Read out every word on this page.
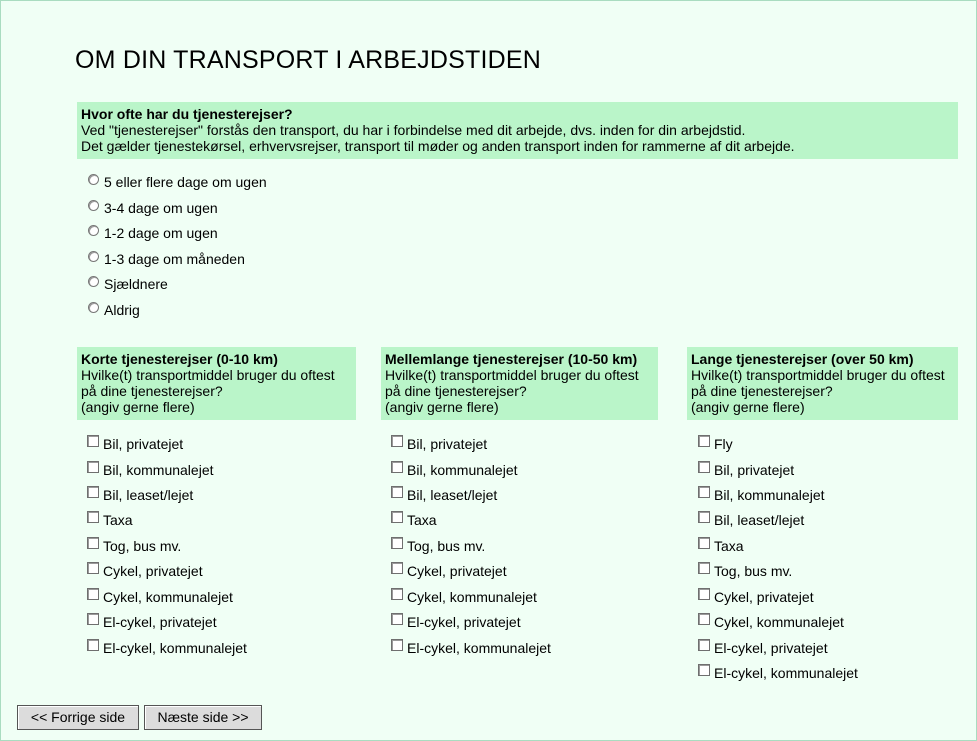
OM DIN TRANSPORT I ARBEJDSTIDEN
Hvor ofte har du tjenesterejser?
Ved "tjenesterejser" forstås den transport, du har i forbindelse med dit arbejde, dvs. inden for din arbejdstid.
Det gælder tjenestekørsel, erhvervsrejser, transport til møder og anden transport inden for rammerne af dit arbejde.
5 eller flere dage om ugen
3-4 dage om ugen
1-2 dage om ugen
1-3 dage om måneden
Sjældnere
Aldrig
Korte tjenesterejser (0-10 km)
Hvilke(t) transportmiddel bruger du oftest
på dine tjenesterejser?
(angiv gerne flere)
Mellemlange tjenesterejser (10-50 km)
Hvilke(t) transportmiddel bruger du oftest
på dine tjenesterejser?
(angiv gerne flere)
Lange tjenesterejser (over 50 km)
Hvilke(t) transportmiddel bruger du oftest
på dine tjenesterejser?
(angiv gerne flere)
Bil, privatejet
Bil, kommunalejet
Bil, leaset/lejet
Taxa
Tog, bus mv.
Cykel, privatejet
Cykel, kommunalejet
El-cykel, privatejet
El-cykel, kommunalejet
Bil, privatejet
Bil, kommunalejet
Bil, leaset/lejet
Taxa
Tog, bus mv.
Cykel, privatejet
Cykel, kommunalejet
El-cykel, privatejet
El-cykel, kommunalejet
Fly
Bil, privatejet
Bil, kommunalejet
Bil, leaset/lejet
Taxa
Tog, bus mv.
Cykel, privatejet
Cykel, kommunalejet
El-cykel, privatejet
El-cykel, kommunalejet
<< Forrige side	Næste side >>
